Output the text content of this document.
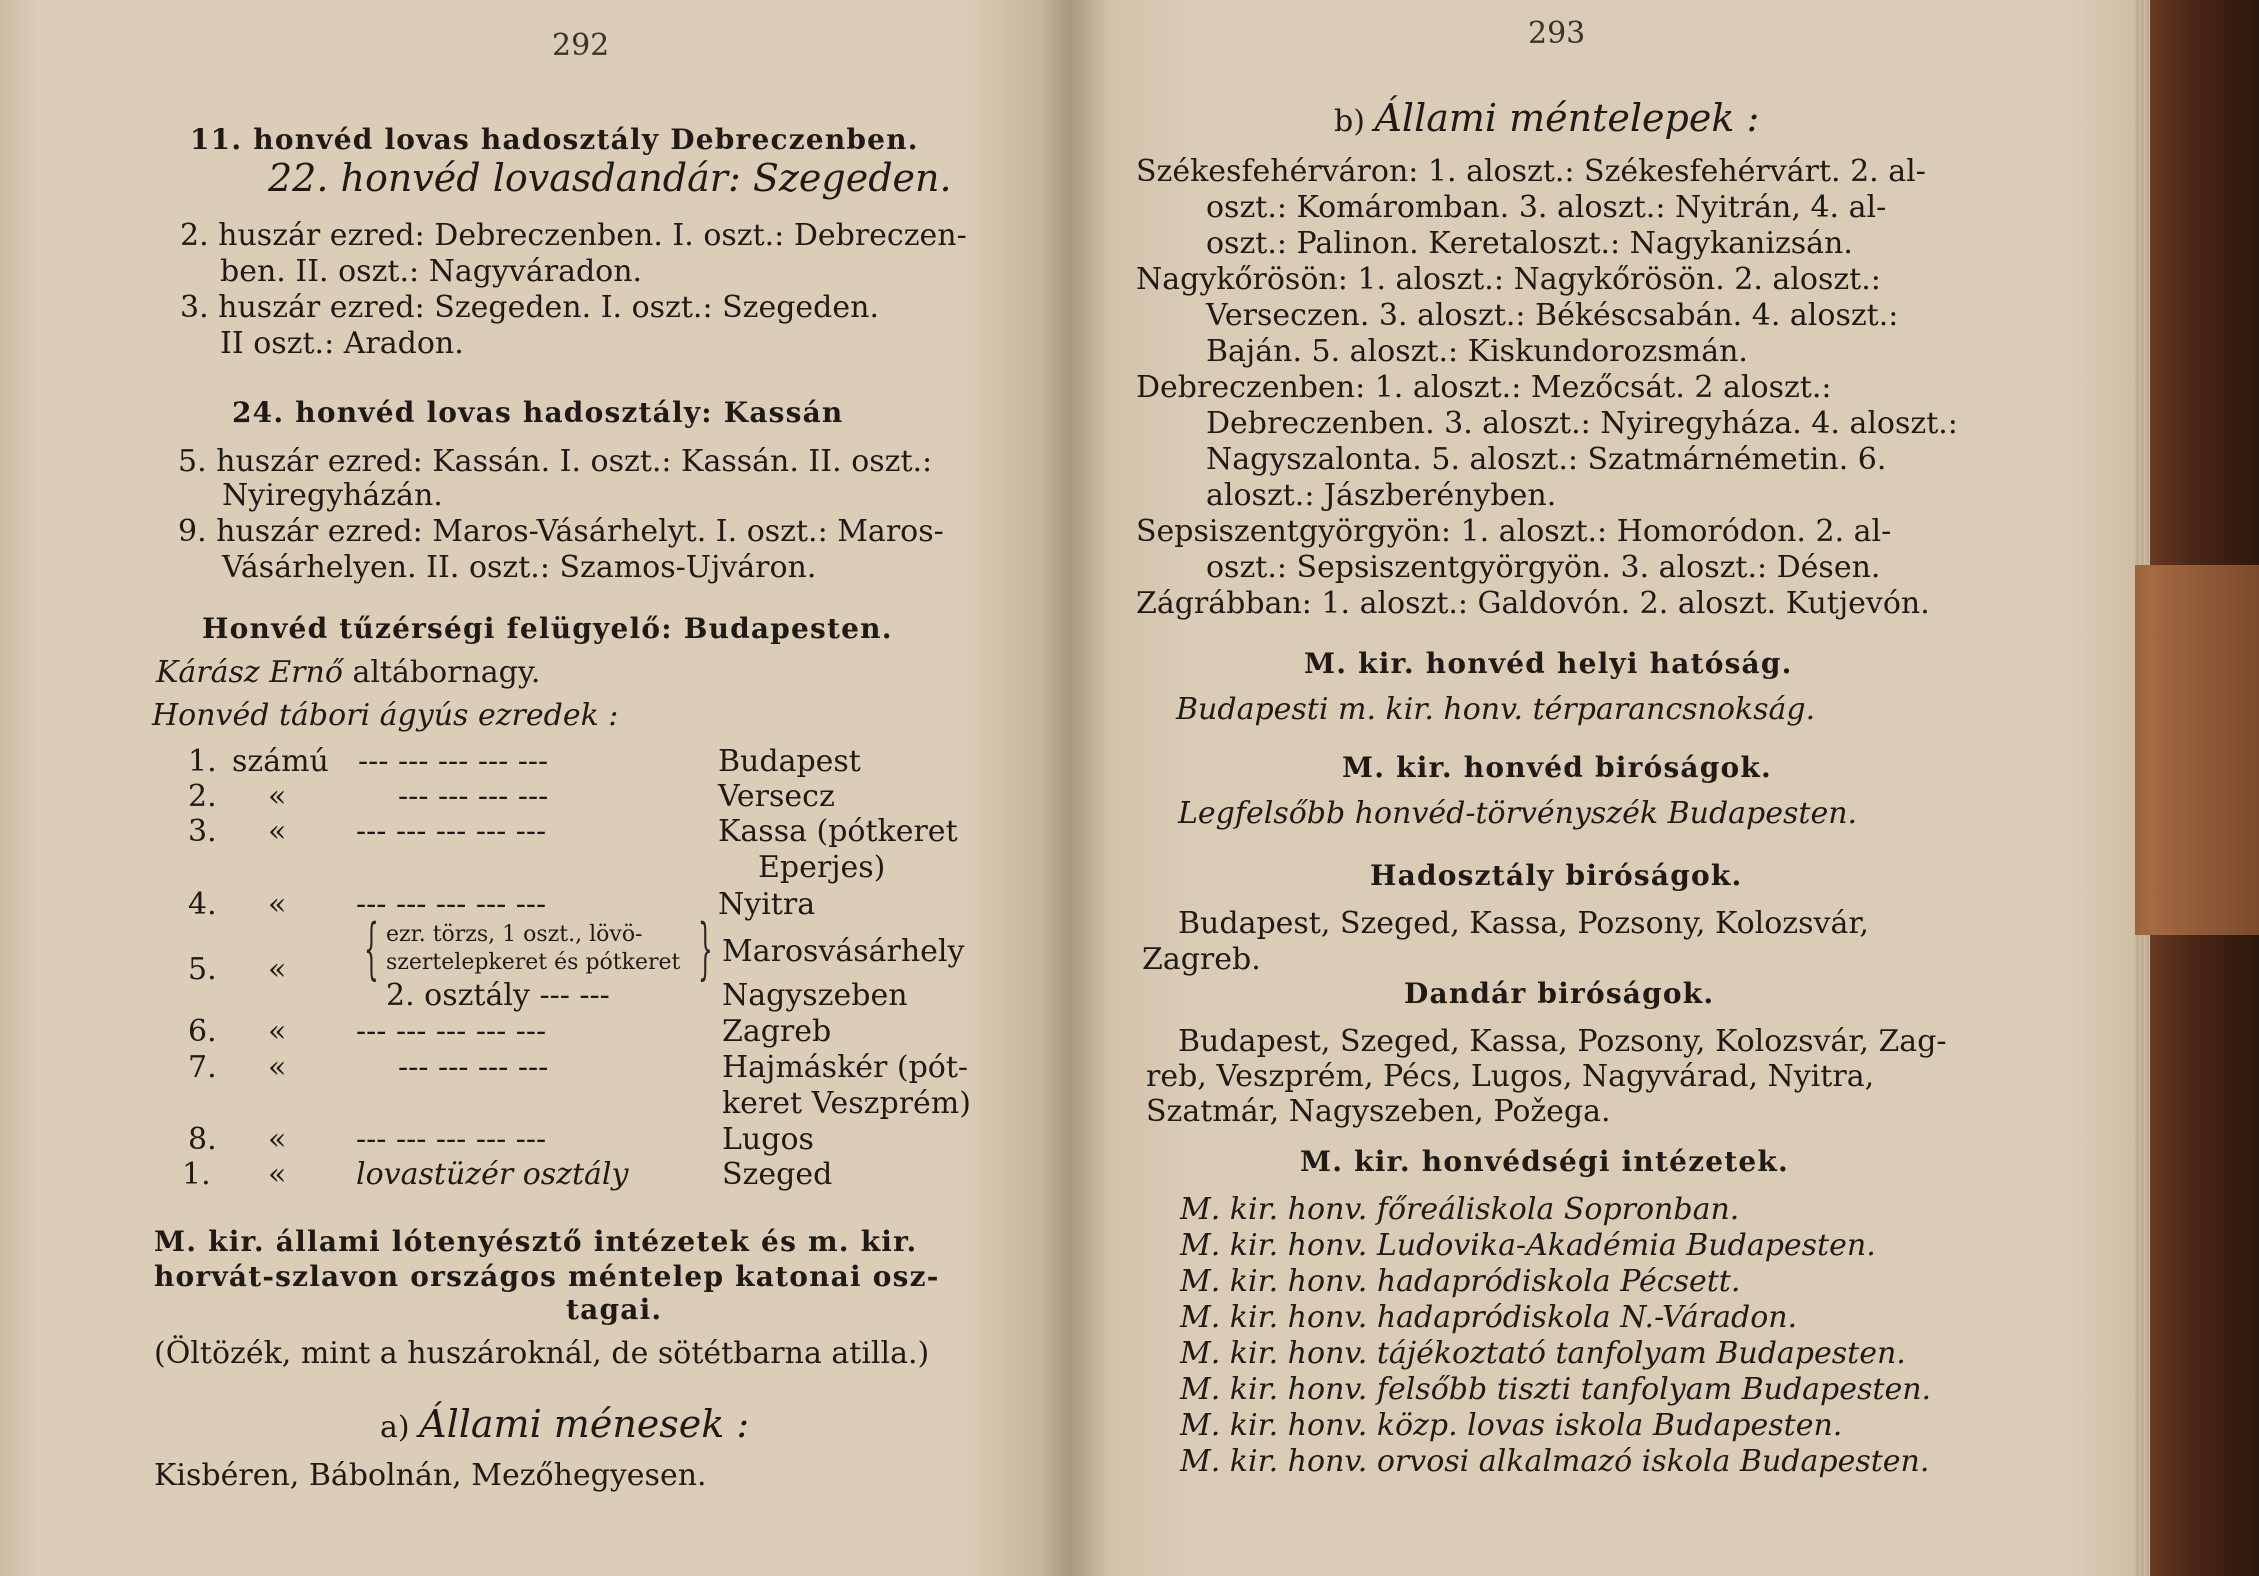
292
11. honvéd lovas hadosztály Debreczenben.
22. honvéd lovasdandár: Szegeden.
2. huszár ezred: Debreczenben. I. oszt.: Debreczen-
ben. II. oszt.: Nagyváradon.
3. huszár ezred: Szegeden. I. oszt.: Szegeden.
II oszt.: Aradon.
24. honvéd lovas hadosztály: Kassán
5. huszár ezred: Kassán. I. oszt.: Kassán. II. oszt.:
Nyiregyházán.
9. huszár ezred: Maros-Vásárhelyt. I. oszt.: Maros-
Vásárhelyen. II. oszt.: Szamos-Ujváron.
Honvéd tűzérségi felügyelő: Budapesten.
Kárász Ernő altábornagy.
Honvéd tábori ágyús ezredek :
1. számú --- --- --- --- ---	Budapest
2. «	--- --- --- ---	Versecz
3. « --- --- --- --- ---	Kassa (pótkeret
Eperjes)
4. « --- --- --- --- ---	Nyitra
5. « { ezr. törzs, 1 oszt., lövö-
szertelepkeret és pótkeret } Marosvásárhely
2. osztály --- ---	Nagyszeben
6. « --- --- --- --- ---	Zagreb
7. «	--- --- --- ---	Hajmáskér (pót-
keret Veszprém)
8. « --- --- --- --- ---	Lugos
1. « lovastüzér osztály	Szeged
M. kir. állami lótenyésztő intézetek és m. kir.
horvát-szlavon országos méntelep katonai osz-
tagai.
(Öltözék, mint a huszároknál, de sötétbarna atilla.)
a) Állami ménesek :
Kisbéren, Bábolnán, Mezőhegyesen.
293
b) Állami méntelepek :
Székesfehérváron: 1. aloszt.: Székesfehérvárt. 2. al-
oszt.: Komáromban. 3. aloszt.: Nyitrán, 4. al-
oszt.: Palinon. Keretaloszt.: Nagykanizsán.
Nagykőrösön: 1. aloszt.: Nagykőrösön. 2. aloszt.:
Verseczen. 3. aloszt.: Békéscsabán. 4. aloszt.:
Baján. 5. aloszt.: Kiskundorozsmán.
Debreczenben: 1. aloszt.: Mezőcsát. 2 aloszt.:
Debreczenben. 3. aloszt.: Nyiregyháza. 4. aloszt.:
Nagyszalonta. 5. aloszt.: Szatmárnémetin. 6.
aloszt.: Jászberényben.
Sepsiszentgyörgyön: 1. aloszt.: Homoródon. 2. al-
oszt.: Sepsiszentgyörgyön. 3. aloszt.: Désen.
Zágrábban: 1. aloszt.: Galdovón. 2. aloszt. Kutjevón.
M. kir. honvéd helyi hatóság.
Budapesti m. kir. honv. térparancsnokság.
M. kir. honvéd biróságok.
Legfelsőbb honvéd-törvényszék Budapesten.
Hadosztály biróságok.
Budapest, Szeged, Kassa, Pozsony, Kolozsvár,
Zagreb.
Dandár biróságok.
Budapest, Szeged, Kassa, Pozsony, Kolozsvár, Zag-
reb, Veszprém, Pécs, Lugos, Nagyvárad, Nyitra,
Szatmár, Nagyszeben, Požega.
M. kir. honvédségi intézetek.
M. kir. honv. főreáliskola Sopronban.
M. kir. honv. Ludovika-Akadémia Budapesten.
M. kir. honv. hadapródiskola Pécsett.
M. kir. honv. hadapródiskola N.-Váradon.
M. kir. honv. tájékoztató tanfolyam Budapesten.
M. kir. honv. felsőbb tiszti tanfolyam Budapesten.
M. kir. honv. közp. lovas iskola Budapesten.
M. kir. honv. orvosi alkalmazó iskola Budapesten.
